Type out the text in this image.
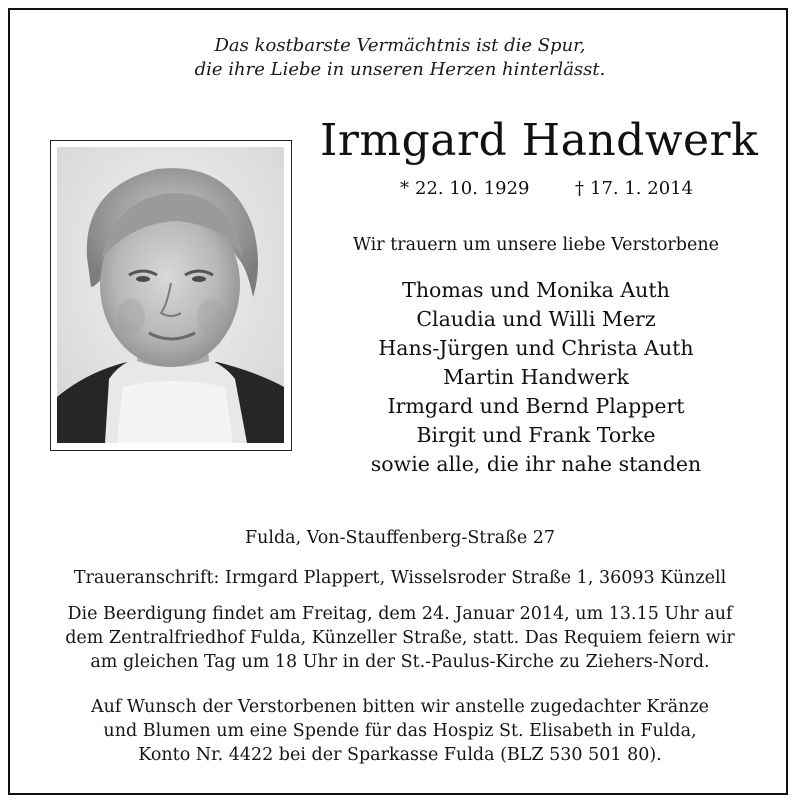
Das kostbarste Vermächtnis ist die Spur,
die ihre Liebe in unseren Herzen hinterlässt.
Irmgard Handwerk
* 22. 10. 1929	† 17. 1. 2014
Wir trauern um unsere liebe Verstorbene
Thomas und Monika Auth
Claudia und Willi Merz
Hans-Jürgen und Christa Auth
Martin Handwerk
Irmgard und Bernd Plappert
Birgit und Frank Torke
sowie alle, die ihr nahe standen
Fulda, Von-Stauffenberg-Straße 27
Traueranschrift: Irmgard Plappert, Wisselsroder Straße 1, 36093 Künzell
Die Beerdigung findet am Freitag, dem 24. Januar 2014, um 13.15 Uhr auf
dem Zentralfriedhof Fulda, Künzeller Straße, statt. Das Requiem feiern wir
am gleichen Tag um 18 Uhr in der St.-Paulus-Kirche zu Ziehers-Nord.
Auf Wunsch der Verstorbenen bitten wir anstelle zugedachter Kränze
und Blumen um eine Spende für das Hospiz St. Elisabeth in Fulda,
Konto Nr. 4422 bei der Sparkasse Fulda (BLZ 530 501 80).
